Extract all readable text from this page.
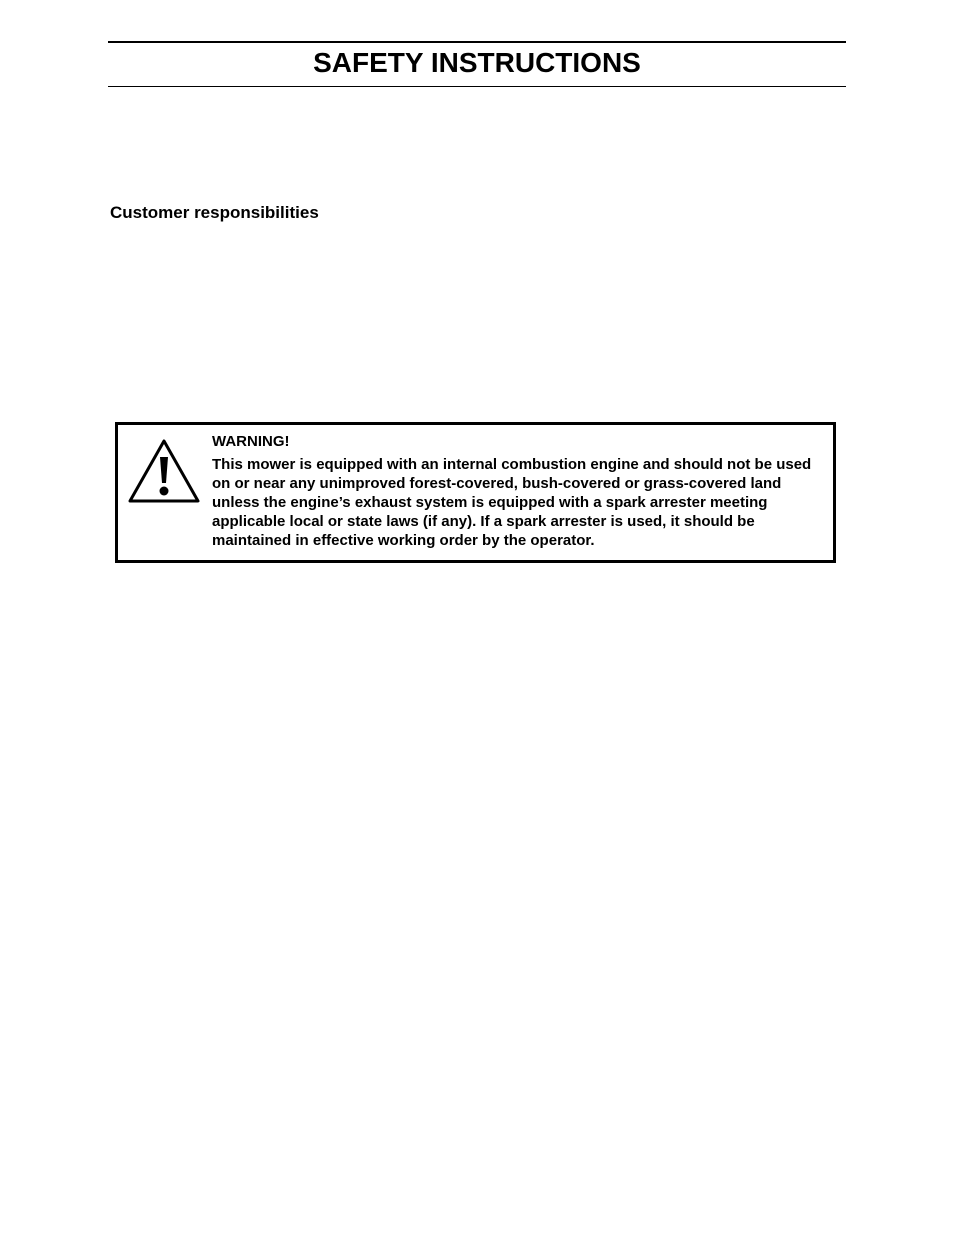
SAFETY INSTRUCTIONS
Customer responsibilities
WARNING!
This mower is equipped with an internal combustion engine and should not be used on or near any unimproved forest-covered, bush-covered or grass-covered land unless the engine’s exhaust system is equipped with a spark arrester meeting applicable local or state laws (if any). If a spark arrester is used, it should be maintained in effective working order by the operator.
